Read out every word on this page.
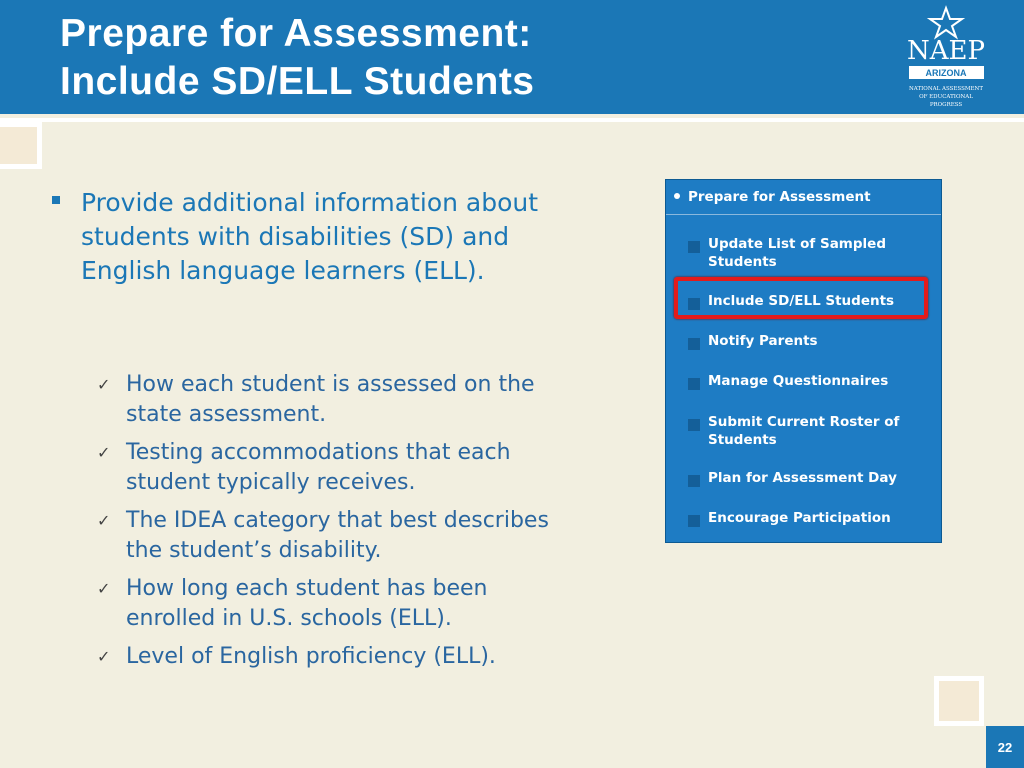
Prepare for Assessment:
Include SD/ELL Students
NAEP
ARIZONA
NATIONAL ASSESSMENT
OF EDUCATIONAL
PROGRESS
Provide additional information about students with disabilities (SD) and English language learners (ELL).
✓ How each student is assessed on the state assessment.
✓ Testing accommodations that each student typically receives.
✓ The IDEA category that best describes the student’s disability.
✓ How long each student has been enrolled in U.S. schools (ELL).
✓ Level of English proficiency (ELL).
Prepare for Assessment
Update List of Sampled Students
Include SD/ELL Students
Notify Parents
Manage Questionnaires
Submit Current Roster of Students
Plan for Assessment Day
Encourage Participation
22
